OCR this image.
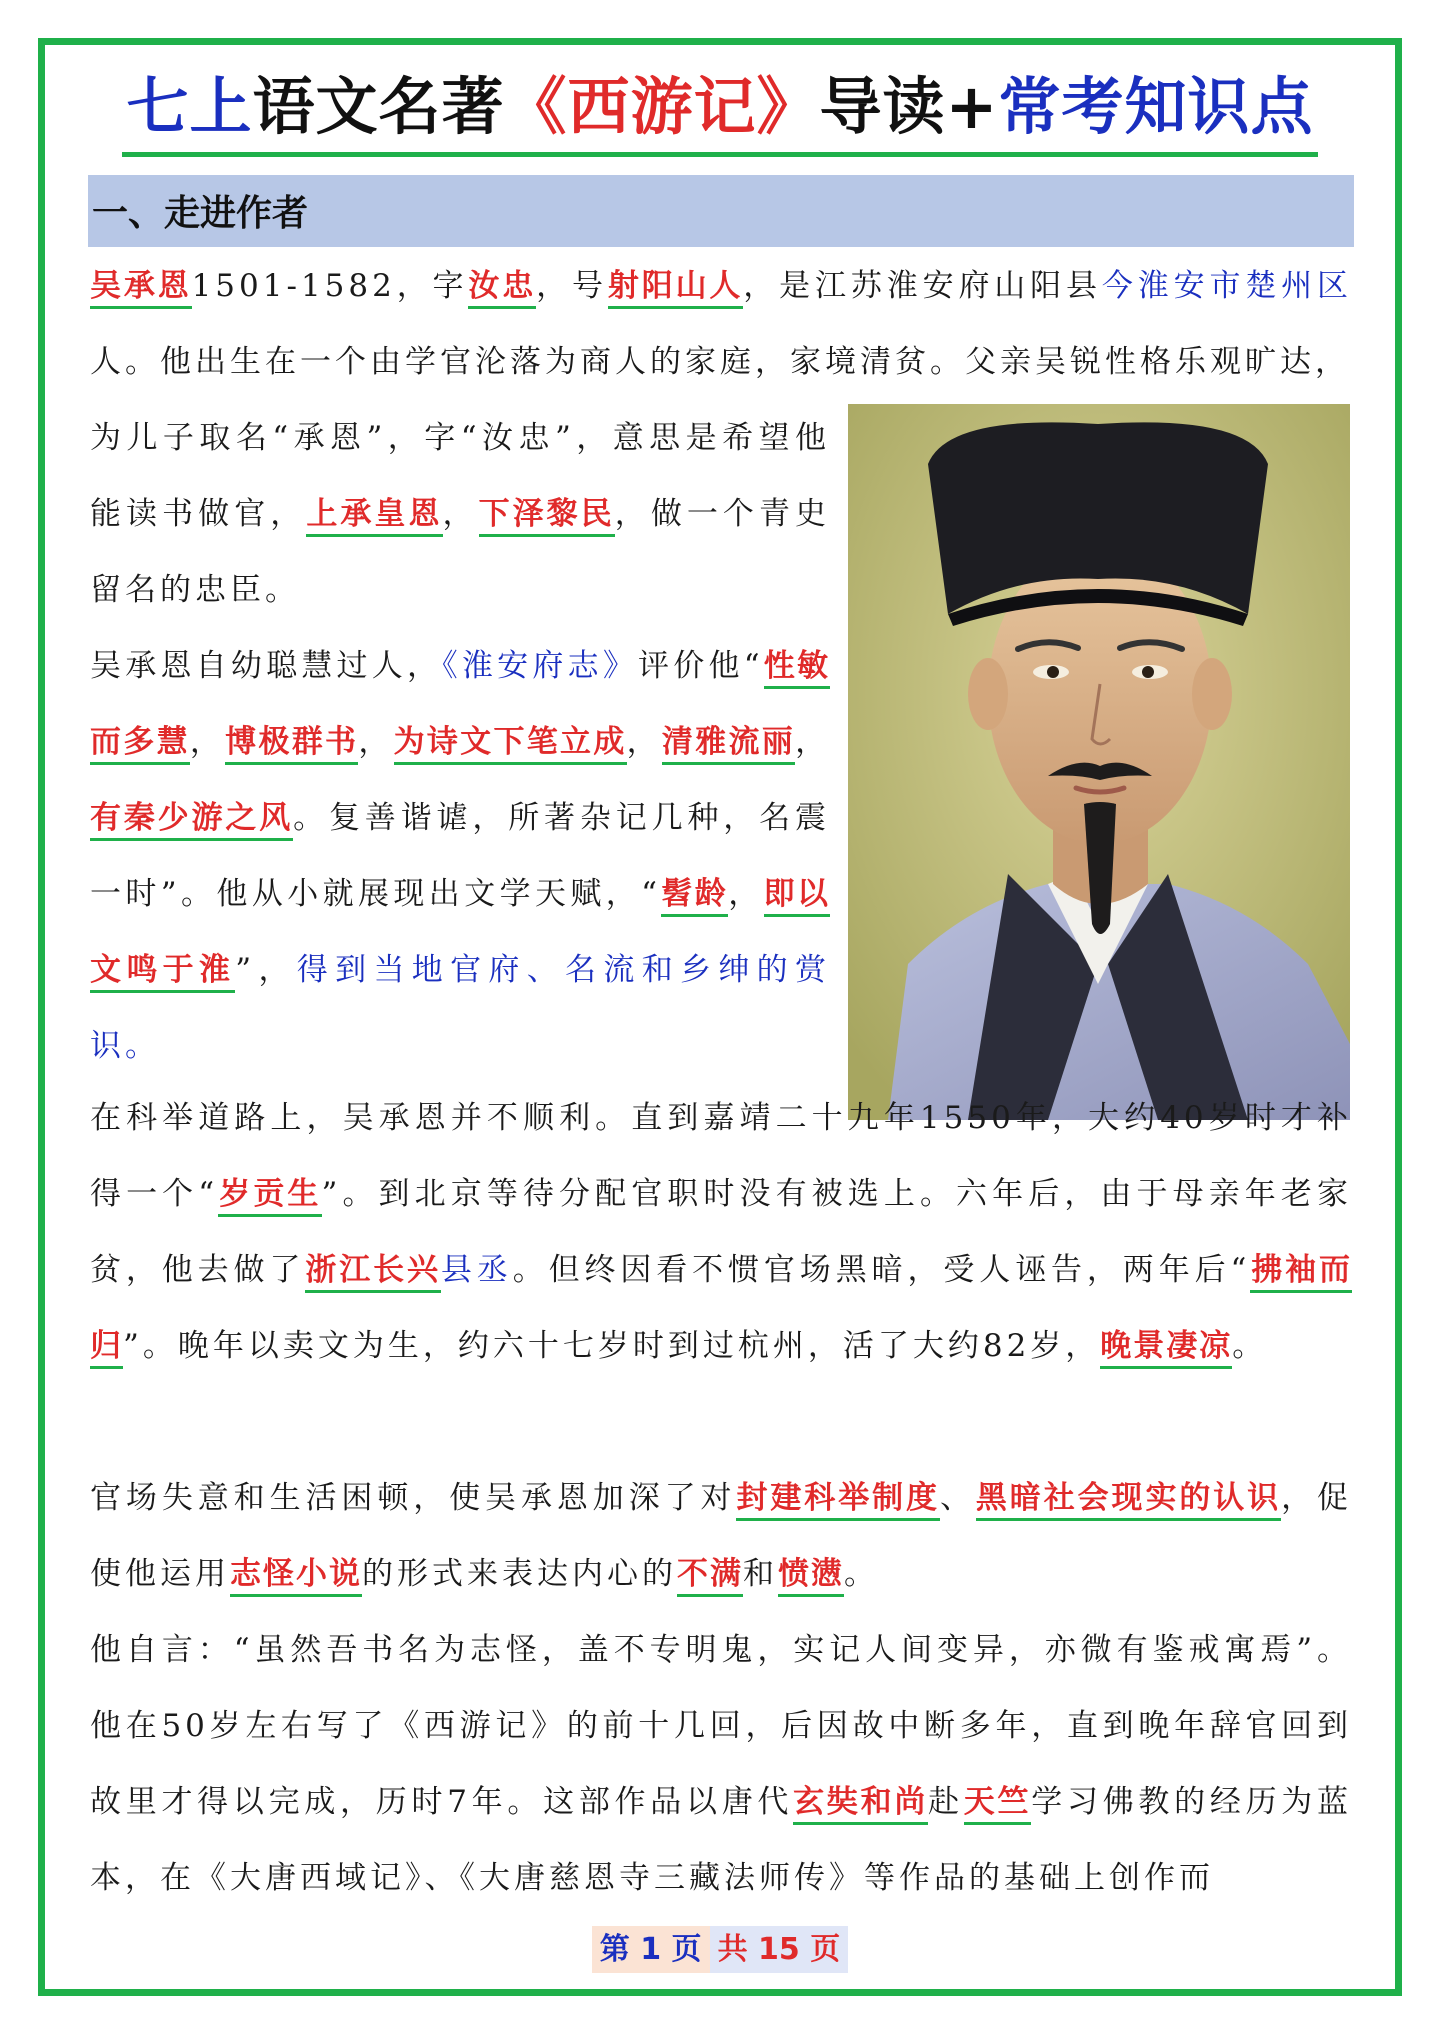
七上语文名著《西游记》导读+常考知识点
一、走进作者
吴承恩1501-1582，字汝忠，号射阳山人，是江苏淮安府山阳县今淮安市楚州区人。他出生在一个由学官沦落为商人的家庭，家境清贫。父亲吴锐性格乐观旷达，
为儿子取名“承恩”，字“汝忠”，意思是希望他能读书做官，上承皇恩，下泽黎民，做一个青史留名的忠臣。
吴承恩自幼聪慧过人，《淮安府志》评价他“性敏而多慧，博极群书，为诗文下笔立成，清雅流丽，有秦少游之风。复善谐谑，所著杂记几种，名震一时”。他从小就展现出文学天赋，“髫龄，即以文鸣于淮”，得到当地官府、名流和乡绅的赏识。
在科举道路上，吴承恩并不顺利。直到嘉靖二十九年1550年，大约40岁时才补得一个“岁贡生”。到北京等待分配官职时没有被选上。六年后，由于母亲年老家贫，他去做了浙江长兴县丞。但终因看不惯官场黑暗，受人诬告，两年后“拂袖而归”。晚年以卖文为生，约六十七岁时到过杭州，活了大约82岁，晚景凄凉。
官场失意和生活困顿，使吴承恩加深了对封建科举制度、黑暗社会现实的认识，促使他运用志怪小说的形式来表达内心的不满和愤懑。
他自言：“虽然吾书名为志怪，盖不专明鬼，实记人间变异，亦微有鉴戒寓焉”。他在50岁左右写了《西游记》的前十几回，后因故中断多年，直到晚年辞官回到故里才得以完成，历时7年。这部作品以唐代玄奘和尚赴天竺学习佛教的经历为蓝本，在《大唐西域记》、《大唐慈恩寺三藏法师传》等作品的基础上创作而
第 1 页 共 15 页
